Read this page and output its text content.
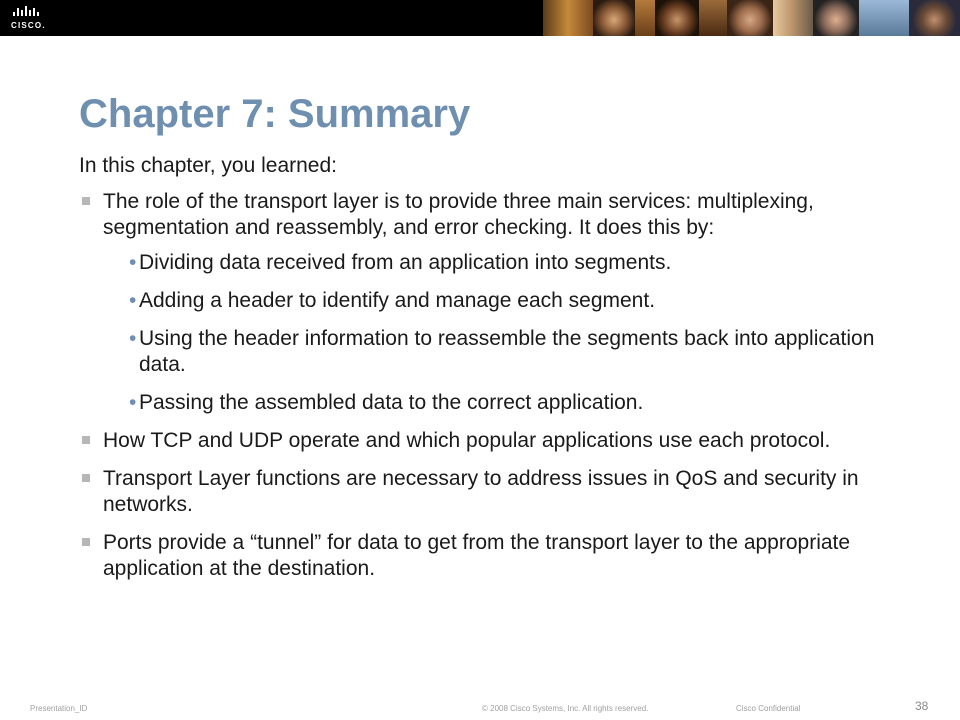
CISCO.
Chapter 7: Summary

In this chapter, you learned:

The role of the transport layer is to provide three main services: multiplexing, segmentation and reassembly, and error checking. It does this by:
• Dividing data received from an application into segments.
• Adding a header to identify and manage each segment.
• Using the header information to reassemble the segments back into application data.
• Passing the assembled data to the correct application.
How TCP and UDP operate and which popular applications use each protocol.
Transport Layer functions are necessary to address issues in QoS and security in networks.
Ports provide a “tunnel” for data to get from the transport layer to the appropriate application at the destination.
Presentation_ID	© 2008 Cisco Systems, Inc. All rights reserved.	Cisco Confidential	38
